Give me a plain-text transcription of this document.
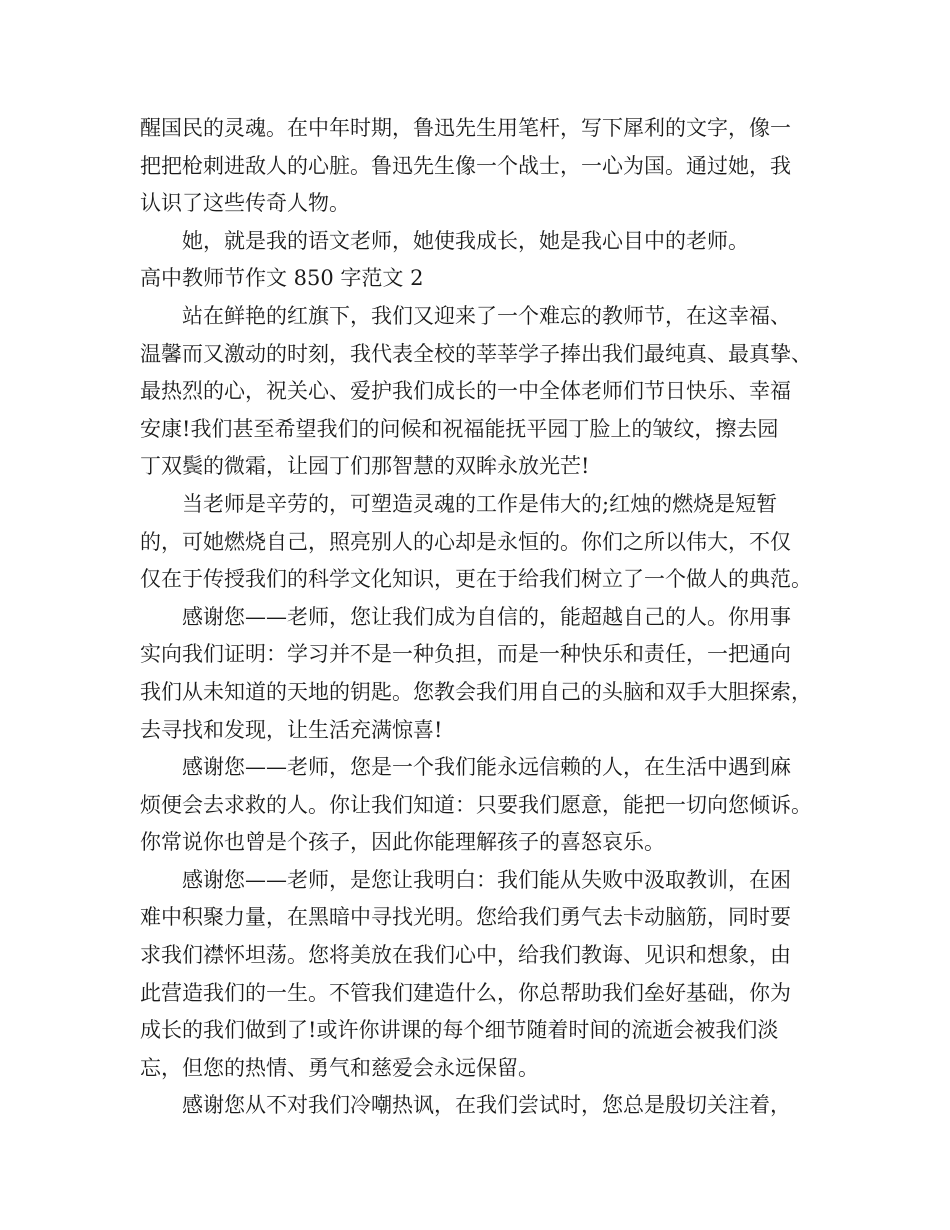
醒国民的灵魂。在中年时期，鲁迅先生用笔杆，写下犀利的文字，像一
把把枪刺进敌人的心脏。鲁迅先生像一个战士，一心为国。通过她，我
认识了这些传奇人物。
她，就是我的语文老师，她使我成长，她是我心目中的老师。
高中教师节作文 850 字范文 2
站在鲜艳的红旗下，我们又迎来了一个难忘的教师节，在这幸福、
温馨而又激动的时刻，我代表全校的莘莘学子捧出我们最纯真、最真挚、
最热烈的心，祝关心、爱护我们成长的一中全体老师们节日快乐、幸福
安康!我们甚至希望我们的问候和祝福能抚平园丁脸上的皱纹，擦去园
丁双鬓的微霜，让园丁们那智慧的双眸永放光芒!
当老师是辛劳的，可塑造灵魂的工作是伟大的;红烛的燃烧是短暂
的，可她燃烧自己，照亮别人的心却是永恒的。你们之所以伟大，不仅
仅在于传授我们的科学文化知识，更在于给我们树立了一个做人的典范。
感谢您——老师，您让我们成为自信的，能超越自己的人。你用事
实向我们证明：学习并不是一种负担，而是一种快乐和责任，一把通向
我们从未知道的天地的钥匙。您教会我们用自己的头脑和双手大胆探索，
去寻找和发现，让生活充满惊喜!
感谢您——老师，您是一个我们能永远信赖的人，在生活中遇到麻
烦便会去求救的人。你让我们知道：只要我们愿意，能把一切向您倾诉。
你常说你也曾是个孩子，因此你能理解孩子的喜怒哀乐。
感谢您——老师，是您让我明白：我们能从失败中汲取教训，在困
难中积聚力量，在黑暗中寻找光明。您给我们勇气去卡动脑筋，同时要
求我们襟怀坦荡。您将美放在我们心中，给我们教诲、见识和想象，由
此营造我们的一生。不管我们建造什么，你总帮助我们垒好基础，你为
成长的我们做到了!或许你讲课的每个细节随着时间的流逝会被我们淡
忘，但您的热情、勇气和慈爱会永远保留。
感谢您从不对我们冷嘲热讽，在我们尝试时，您总是殷切关注着，
